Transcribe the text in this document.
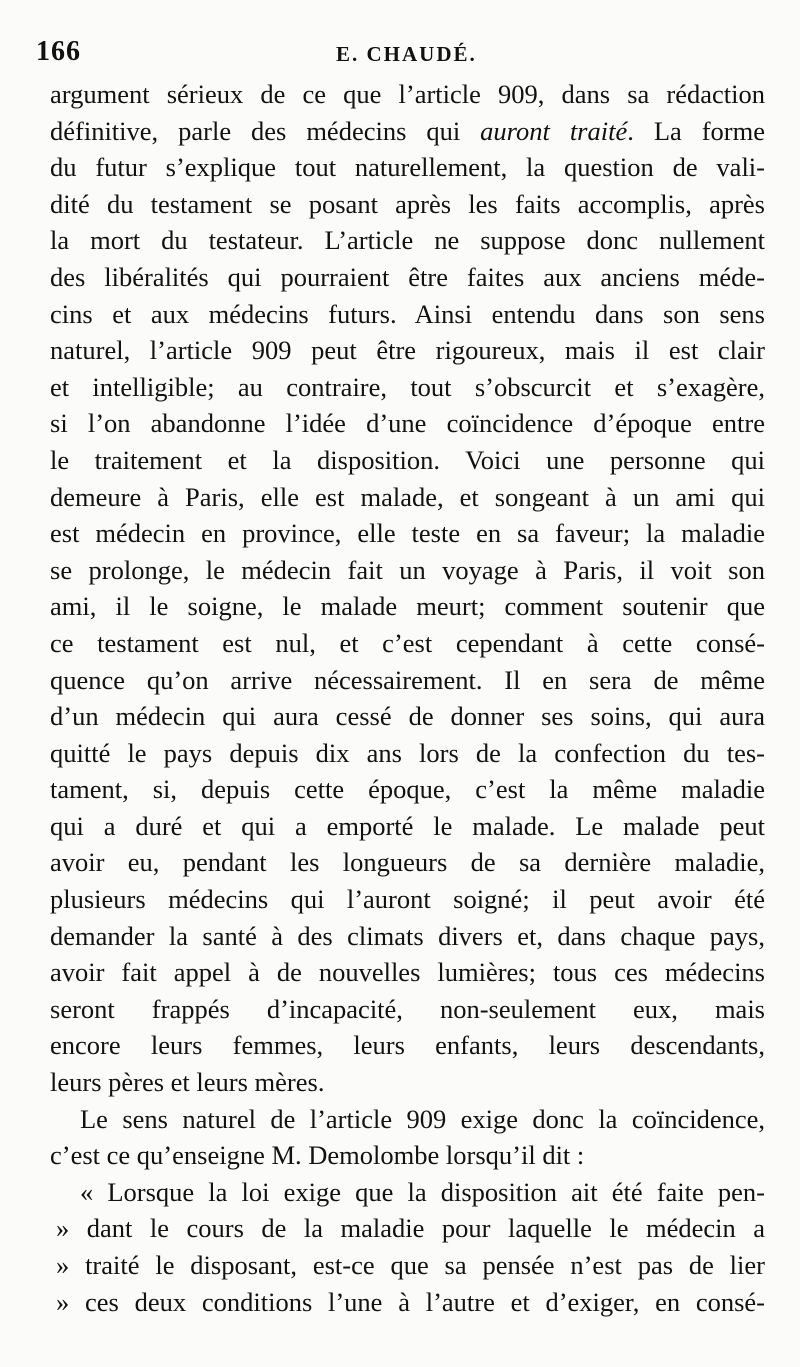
166	E. CHAUDÉ.
argument sérieux de ce que l’article 909, dans sa rédaction
définitive, parle des médecins qui auront traité. La forme
du futur s’explique tout naturellement, la question de vali-
dité du testament se posant après les faits accomplis, après
la mort du testateur. L’article ne suppose donc nullement
des libéralités qui pourraient être faites aux anciens méde-
cins et aux médecins futurs. Ainsi entendu dans son sens
naturel, l’article 909 peut être rigoureux, mais il est clair
et intelligible; au contraire, tout s’obscurcit et s’exagère,
si l’on abandonne l’idée d’une coïncidence d’époque entre
le traitement et la disposition. Voici une personne qui
demeure à Paris, elle est malade, et songeant à un ami qui
est médecin en province, elle teste en sa faveur; la maladie
se prolonge, le médecin fait un voyage à Paris, il voit son
ami, il le soigne, le malade meurt; comment soutenir que
ce testament est nul, et c’est cependant à cette consé-
quence qu’on arrive nécessairement. Il en sera de même
d’un médecin qui aura cessé de donner ses soins, qui aura
quitté le pays depuis dix ans lors de la confection du tes-
tament, si, depuis cette époque, c’est la même maladie
qui a duré et qui a emporté le malade. Le malade peut
avoir eu, pendant les longueurs de sa dernière maladie,
plusieurs médecins qui l’auront soigné; il peut avoir été
demander la santé à des climats divers et, dans chaque pays,
avoir fait appel à de nouvelles lumières; tous ces médecins
seront frappés d’incapacité, non-seulement eux, mais
encore leurs femmes, leurs enfants, leurs descendants,
leurs pères et leurs mères.
Le sens naturel de l’article 909 exige donc la coïncidence,
c’est ce qu’enseigne M. Demolombe lorsqu’il dit :
« Lorsque la loi exige que la disposition ait été faite pen-
» dant le cours de la maladie pour laquelle le médecin a
» traité le disposant, est-ce que sa pensée n’est pas de lier
» ces deux conditions l’une à l’autre et d’exiger, en consé-
